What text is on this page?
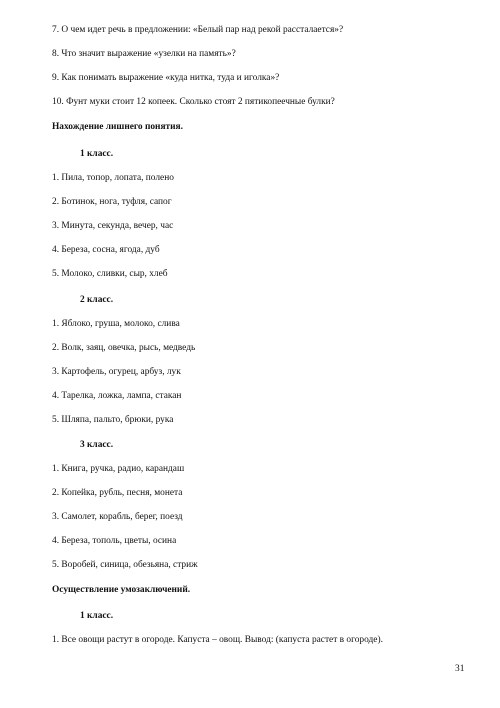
7. О чем идет речь в предложении: «Белый пар над рекой рассталается»?
8. Что значит выражение «узелки на память»?
9. Как понимать выражение «куда нитка, туда и иголка»?
10. Фунт муки стоит 12 копеек. Сколько стоят 2 пятикопеечные булки?
Нахождение лишнего понятия.
1 класс.
1. Пила, топор, лопата, полено
2. Ботинок, нога, туфля, сапог
3. Минута, секунда, вечер, час
4. Береза, сосна, ягода, дуб
5. Молоко, сливки, сыр, хлеб
2 класс.
1. Яблоко, груша, молоко, слива
2. Волк, заяц, овечка, рысь, медведь
3. Картофель, огурец, арбуз, лук
4. Тарелка, ложка, лампа, стакан
5. Шляпа, пальто, брюки, рука
3 класс.
1. Книга, ручка, радио, карандаш
2. Копейка, рубль, песня, монета
3. Самолет, корабль, берег, поезд
4. Береза, тополь, цветы, осина
5. Воробей, синица, обезьяна, стриж
Осуществление умозаключений.
1 класс.
1. Все овощи растут в огороде. Капуста – овощ. Вывод: (капуста растет в огороде).
31
